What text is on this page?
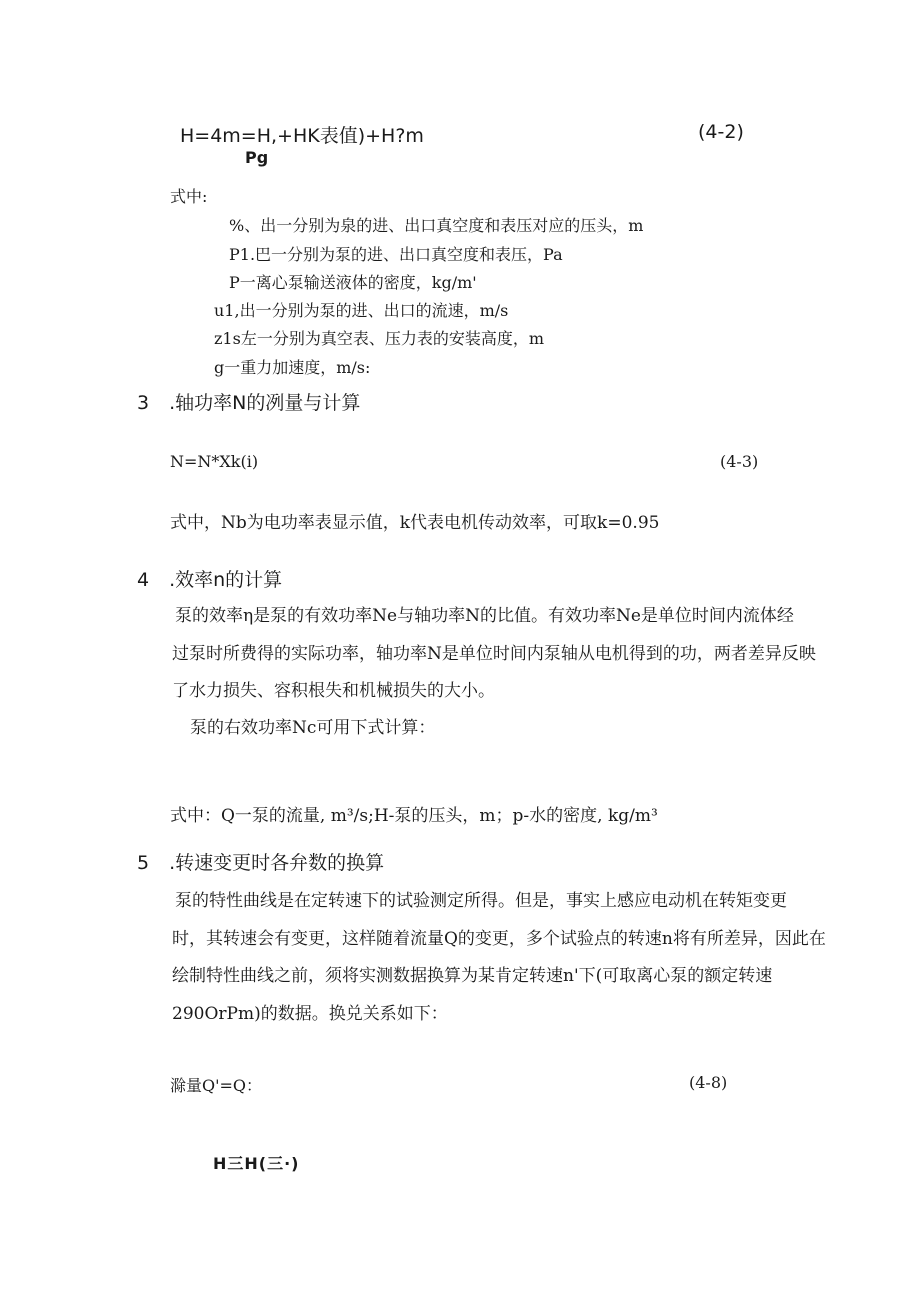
H=4m=H,+HK表值)+H?m
Pg
(4-2)
式中:
%、出一分别为泉的进、出口真空度和表压对应的压头，m
P1.巴一分别为泵的进、出口真空度和表压，Pa
P一离心泵输送液体的密度，kg/m'
u1,出一分别为泵的进、出口的流速，m/s
z1s左一分别为真空表、压力表的安装高度，m
g一重力加速度，m/s:
3 .轴功率N的冽量与计算
N=N*Xk(i)	(4-3)
式中，Nb为电功率表显示值，k代表电机传动效率，可取k=0.95
4 .效率n的计算
泵的效率η是泵的有效功率Ne与轴功率N的比值。有效功率Ne是单位时间内流体经
过泵时所费得的实际功率，轴功率N是单位时间内泵轴从电机得到的功，两者差异反映
了水力损失、容积根失和机械损失的大小。
泵的右效功率Nc可用下式计算：
式中：Q一泵的流量, m³/s;H-泵的压头，m；p-水的密度, kg/m³
5 .转速变更时各弁数的换算
泵的特性曲线是在定转速下的试验测定所得。但是，事实上感应电动机在转矩变更
时，其转速会有变更，这样随着流量Q的变更，多个试验点的转速n将有所差异，因此在
绘制特性曲线之前，须将实测数据换算为某肯定转速n'下(可取离心泵的额定转速
290OrPm)的数据。换兑关系如下：
滁量Q'=Q：	(4-8)
H三H(三·)
